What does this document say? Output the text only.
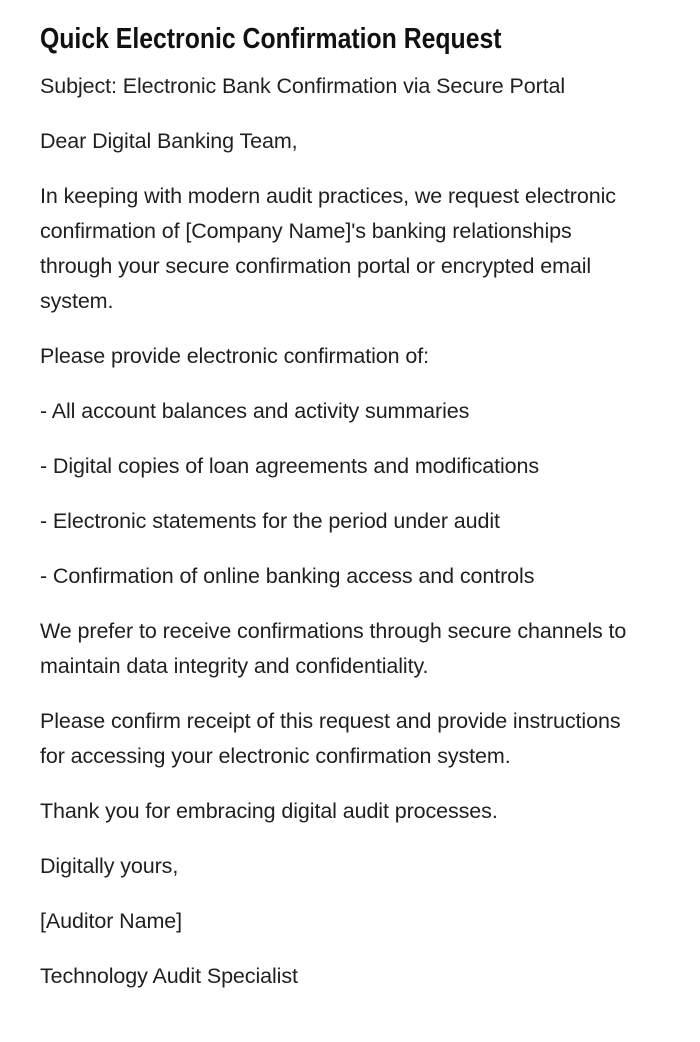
Quick Electronic Confirmation Request

Subject: Electronic Bank Confirmation via Secure Portal

Dear Digital Banking Team,

In keeping with modern audit practices, we request electronic confirmation of [Company Name]'s banking relationships through your secure confirmation portal or encrypted email system.

Please provide electronic confirmation of:

- All account balances and activity summaries

- Digital copies of loan agreements and modifications

- Electronic statements for the period under audit

- Confirmation of online banking access and controls

We prefer to receive confirmations through secure channels to maintain data integrity and confidentiality.

Please confirm receipt of this request and provide instructions for accessing your electronic confirmation system.

Thank you for embracing digital audit processes.

Digitally yours,

[Auditor Name]

Technology Audit Specialist
